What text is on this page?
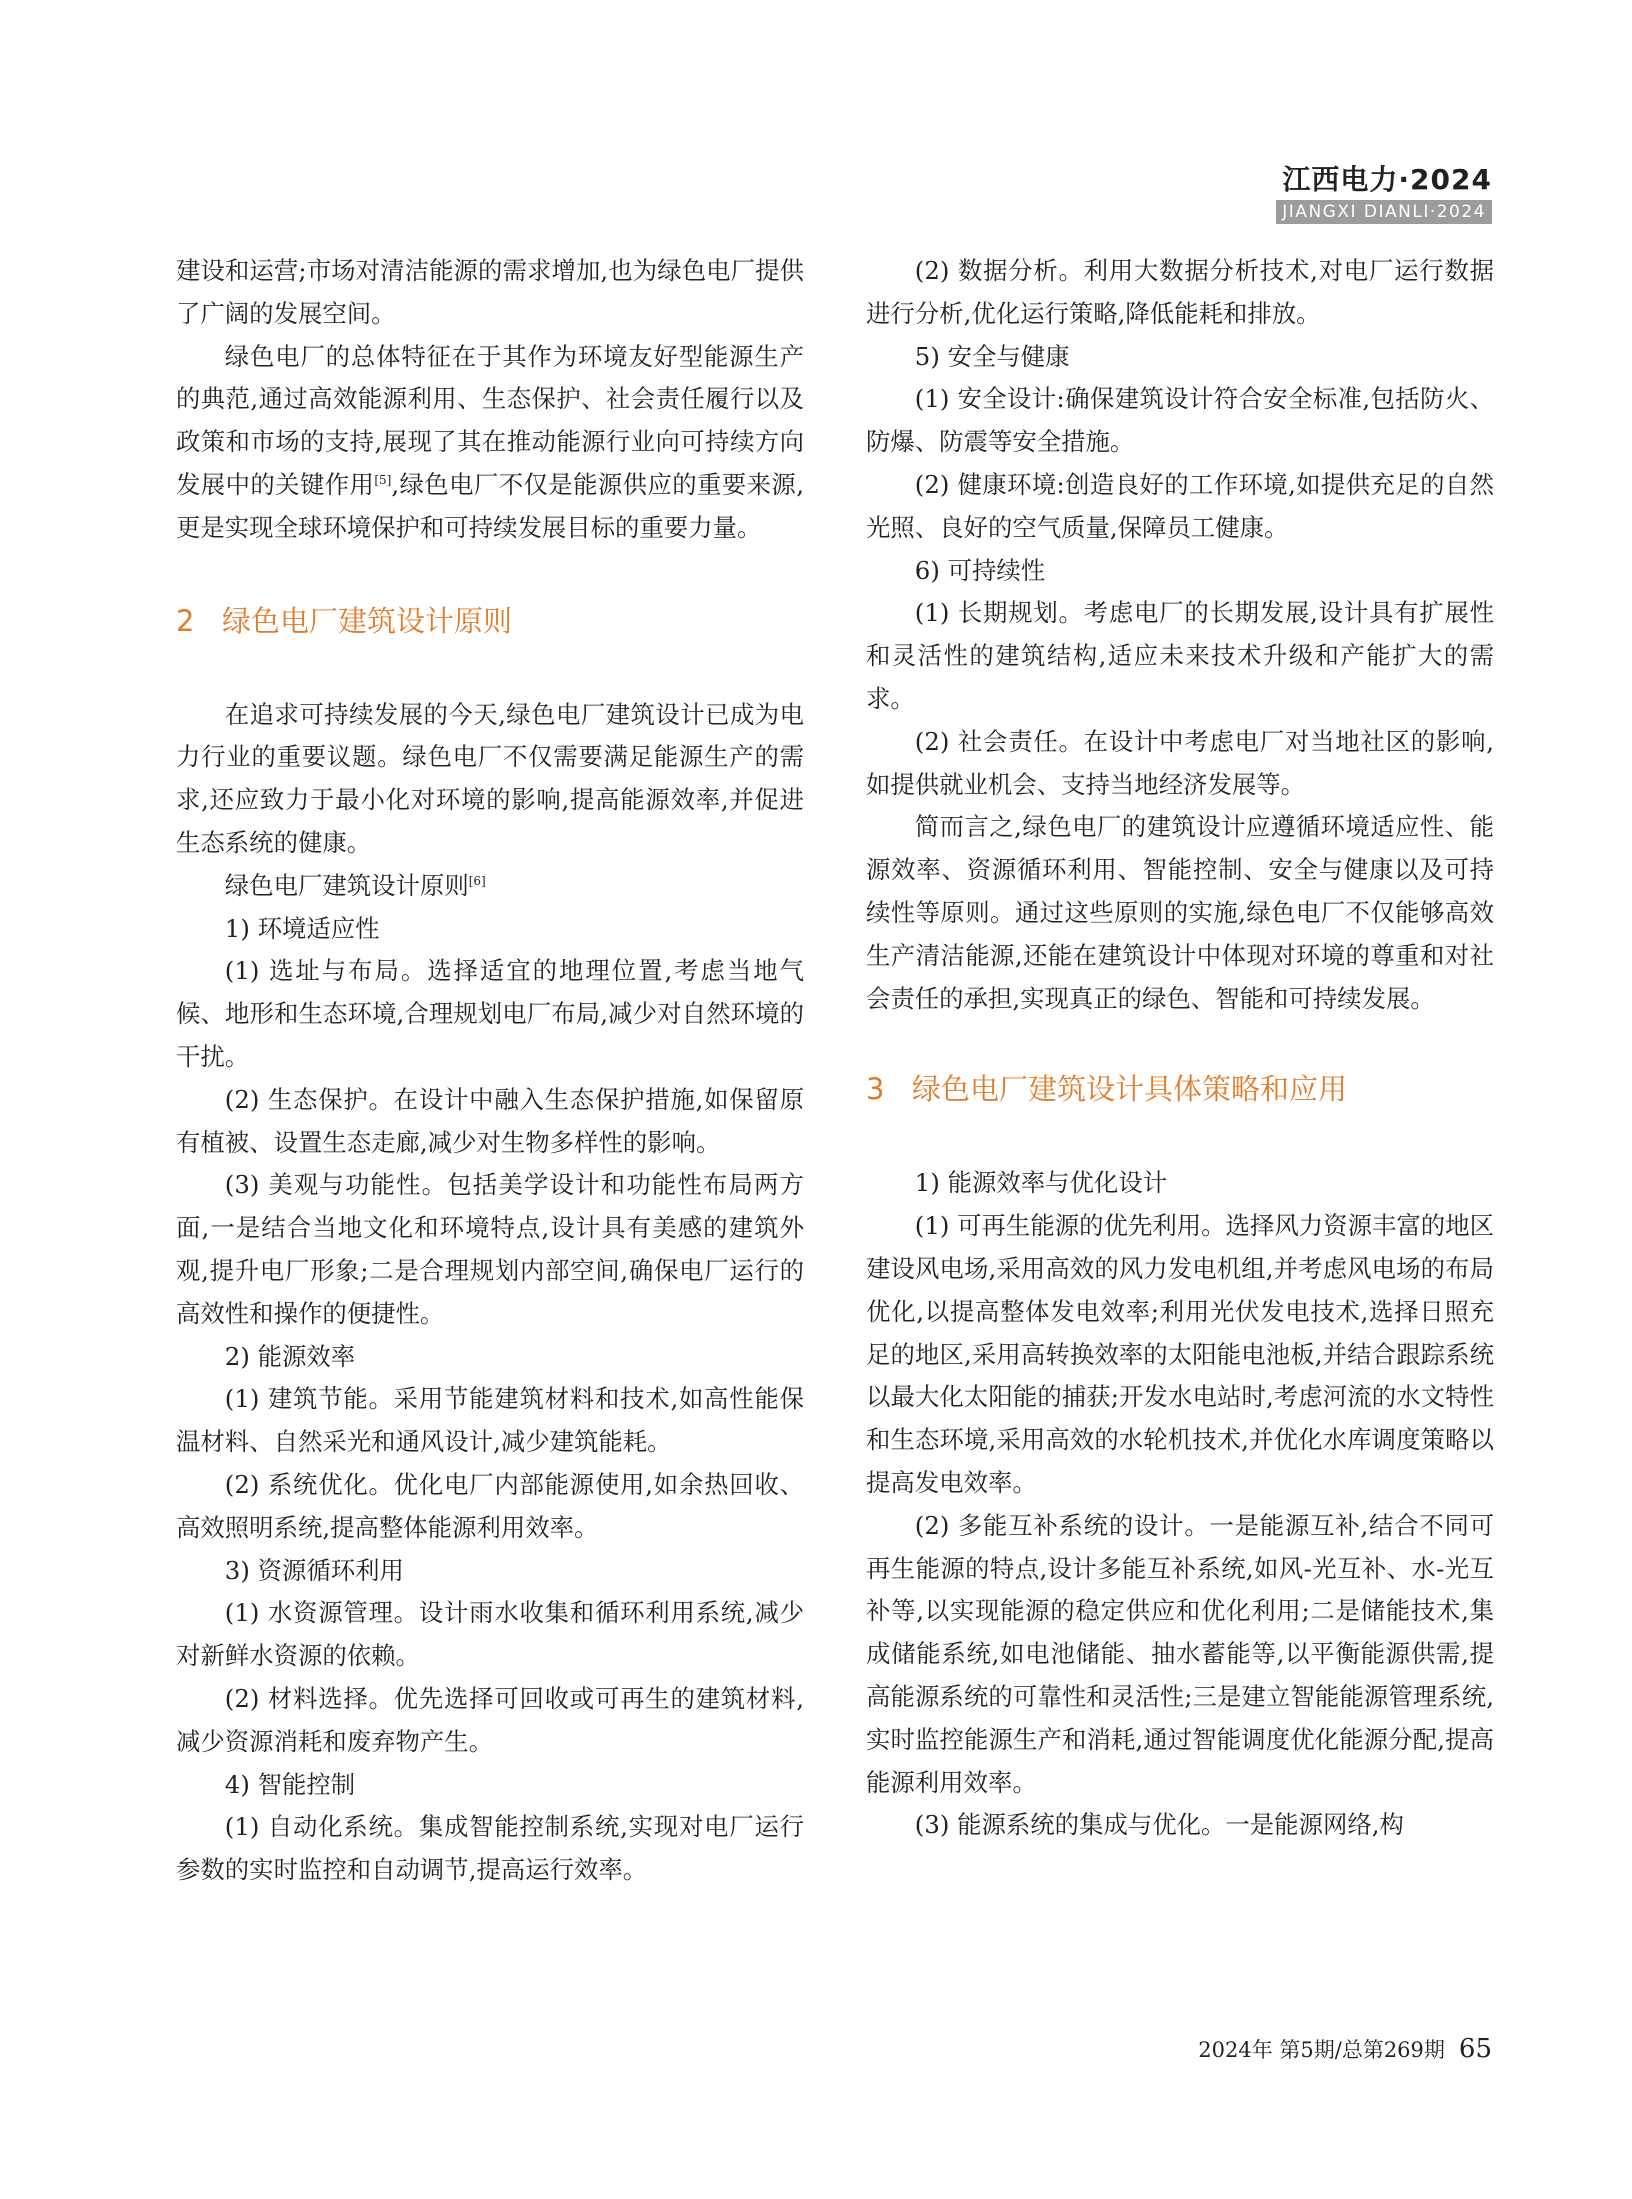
江西电力·2024
JIANGXI DIANLI·2024

建设和运营;市场对清洁能源的需求增加,也为绿色电厂提供了广阔的发展空间。

绿色电厂的总体特征在于其作为环境友好型能源生产的典范,通过高效能源利用、生态保护、社会责任履行以及政策和市场的支持,展现了其在推动能源行业向可持续方向发展中的关键作用[5],绿色电厂不仅是能源供应的重要来源,更是实现全球环境保护和可持续发展目标的重要力量。

2 绿色电厂建筑设计原则

在追求可持续发展的今天,绿色电厂建筑设计已成为电力行业的重要议题。绿色电厂不仅需要满足能源生产的需求,还应致力于最小化对环境的影响,提高能源效率,并促进生态系统的健康。

绿色电厂建筑设计原则[6]

1) 环境适应性

(1) 选址与布局。选择适宜的地理位置,考虑当地气候、地形和生态环境,合理规划电厂布局,减少对自然环境的干扰。

(2) 生态保护。在设计中融入生态保护措施,如保留原有植被、设置生态走廊,减少对生物多样性的影响。

(3) 美观与功能性。包括美学设计和功能性布局两方面,一是结合当地文化和环境特点,设计具有美感的建筑外观,提升电厂形象;二是合理规划内部空间,确保电厂运行的高效性和操作的便捷性。

2) 能源效率

(1) 建筑节能。采用节能建筑材料和技术,如高性能保温材料、自然采光和通风设计,减少建筑能耗。

(2) 系统优化。优化电厂内部能源使用,如余热回收、高效照明系统,提高整体能源利用效率。

3) 资源循环利用

(1) 水资源管理。设计雨水收集和循环利用系统,减少对新鲜水资源的依赖。

(2) 材料选择。优先选择可回收或可再生的建筑材料,减少资源消耗和废弃物产生。

4) 智能控制

(1) 自动化系统。集成智能控制系统,实现对电厂运行参数的实时监控和自动调节,提高运行效率。

(2) 数据分析。利用大数据分析技术,对电厂运行数据进行分析,优化运行策略,降低能耗和排放。

5) 安全与健康

(1) 安全设计:确保建筑设计符合安全标准,包括防火、防爆、防震等安全措施。

(2) 健康环境:创造良好的工作环境,如提供充足的自然光照、良好的空气质量,保障员工健康。

6) 可持续性

(1) 长期规划。考虑电厂的长期发展,设计具有扩展性和灵活性的建筑结构,适应未来技术升级和产能扩大的需求。

(2) 社会责任。在设计中考虑电厂对当地社区的影响,如提供就业机会、支持当地经济发展等。

简而言之,绿色电厂的建筑设计应遵循环境适应性、能源效率、资源循环利用、智能控制、安全与健康以及可持续性等原则。通过这些原则的实施,绿色电厂不仅能够高效生产清洁能源,还能在建筑设计中体现对环境的尊重和对社会责任的承担,实现真正的绿色、智能和可持续发展。

3 绿色电厂建筑设计具体策略和应用

1) 能源效率与优化设计

(1) 可再生能源的优先利用。选择风力资源丰富的地区建设风电场,采用高效的风力发电机组,并考虑风电场的布局优化,以提高整体发电效率;利用光伏发电技术,选择日照充足的地区,采用高转换效率的太阳能电池板,并结合跟踪系统以最大化太阳能的捕获;开发水电站时,考虑河流的水文特性和生态环境,采用高效的水轮机技术,并优化水库调度策略以提高发电效率。

(2) 多能互补系统的设计。一是能源互补,结合不同可再生能源的特点,设计多能互补系统,如风-光互补、水-光互补等,以实现能源的稳定供应和优化利用;二是储能技术,集成储能系统,如电池储能、抽水蓄能等,以平衡能源供需,提高能源系统的可靠性和灵活性;三是建立智能能源管理系统,实时监控能源生产和消耗,通过智能调度优化能源分配,提高能源利用效率。

(3) 能源系统的集成与优化。一是能源网络,构

2024年 第5期/总第269期 65
